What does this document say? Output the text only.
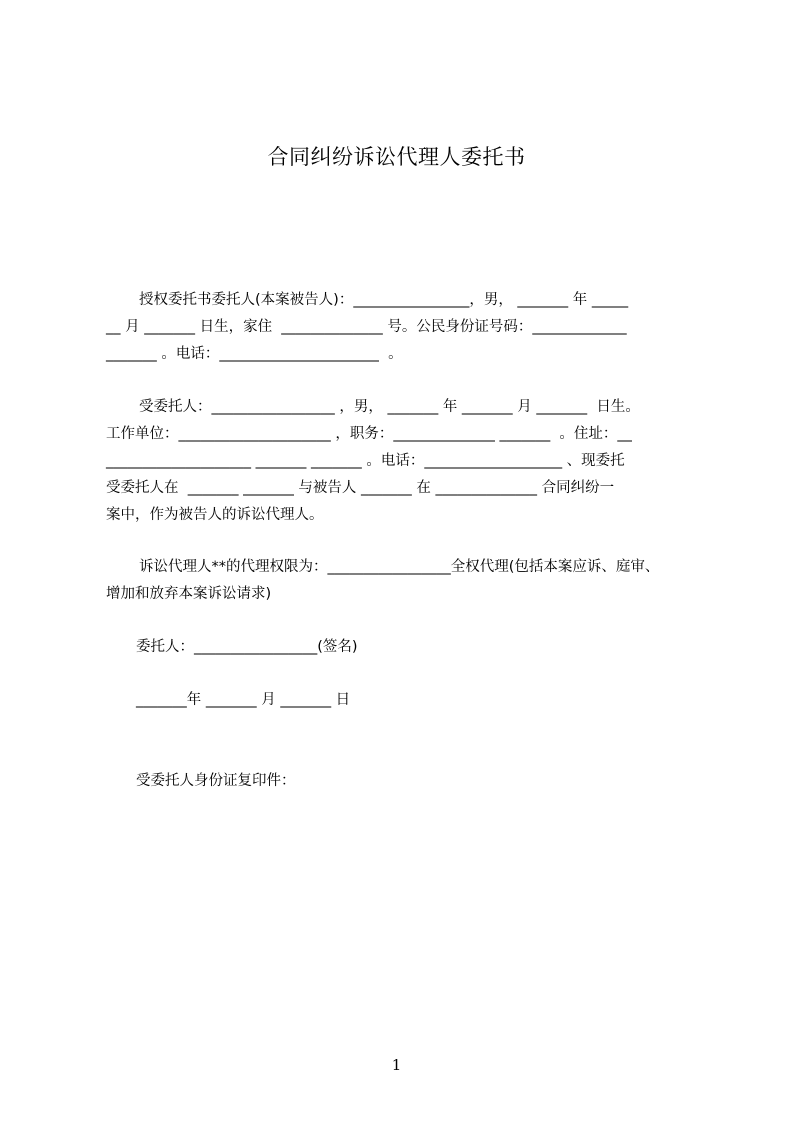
合同纠纷诉讼代理人委托书
授权委托书委托人(本案被告人)：________________，男， _______ 年 _____
__ 月 _______ 日生，家住  ______________ 号。公民身份证号码：_____________
_______ 。电话：______________________  。
受委托人：_________________ ，男， _______ 年 _______ 月 _______  日生。
工作单位：_____________________ ，职务：______________ _______  。住址：__
____________________ _______ _______ 。电话：___________________ 、现委托
受委托人在  _______ _______ 与被告人 _______ 在 ______________ 合同纠纷一
案中，作为被告人的诉讼代理人。
诉讼代理人**的代理权限为：_________________全权代理(包括本案应诉、庭审、
增加和放弃本案诉讼请求)
委托人：_________________(签名)
_______年 _______ 月 _______ 日
受委托人身份证复印件：
1
